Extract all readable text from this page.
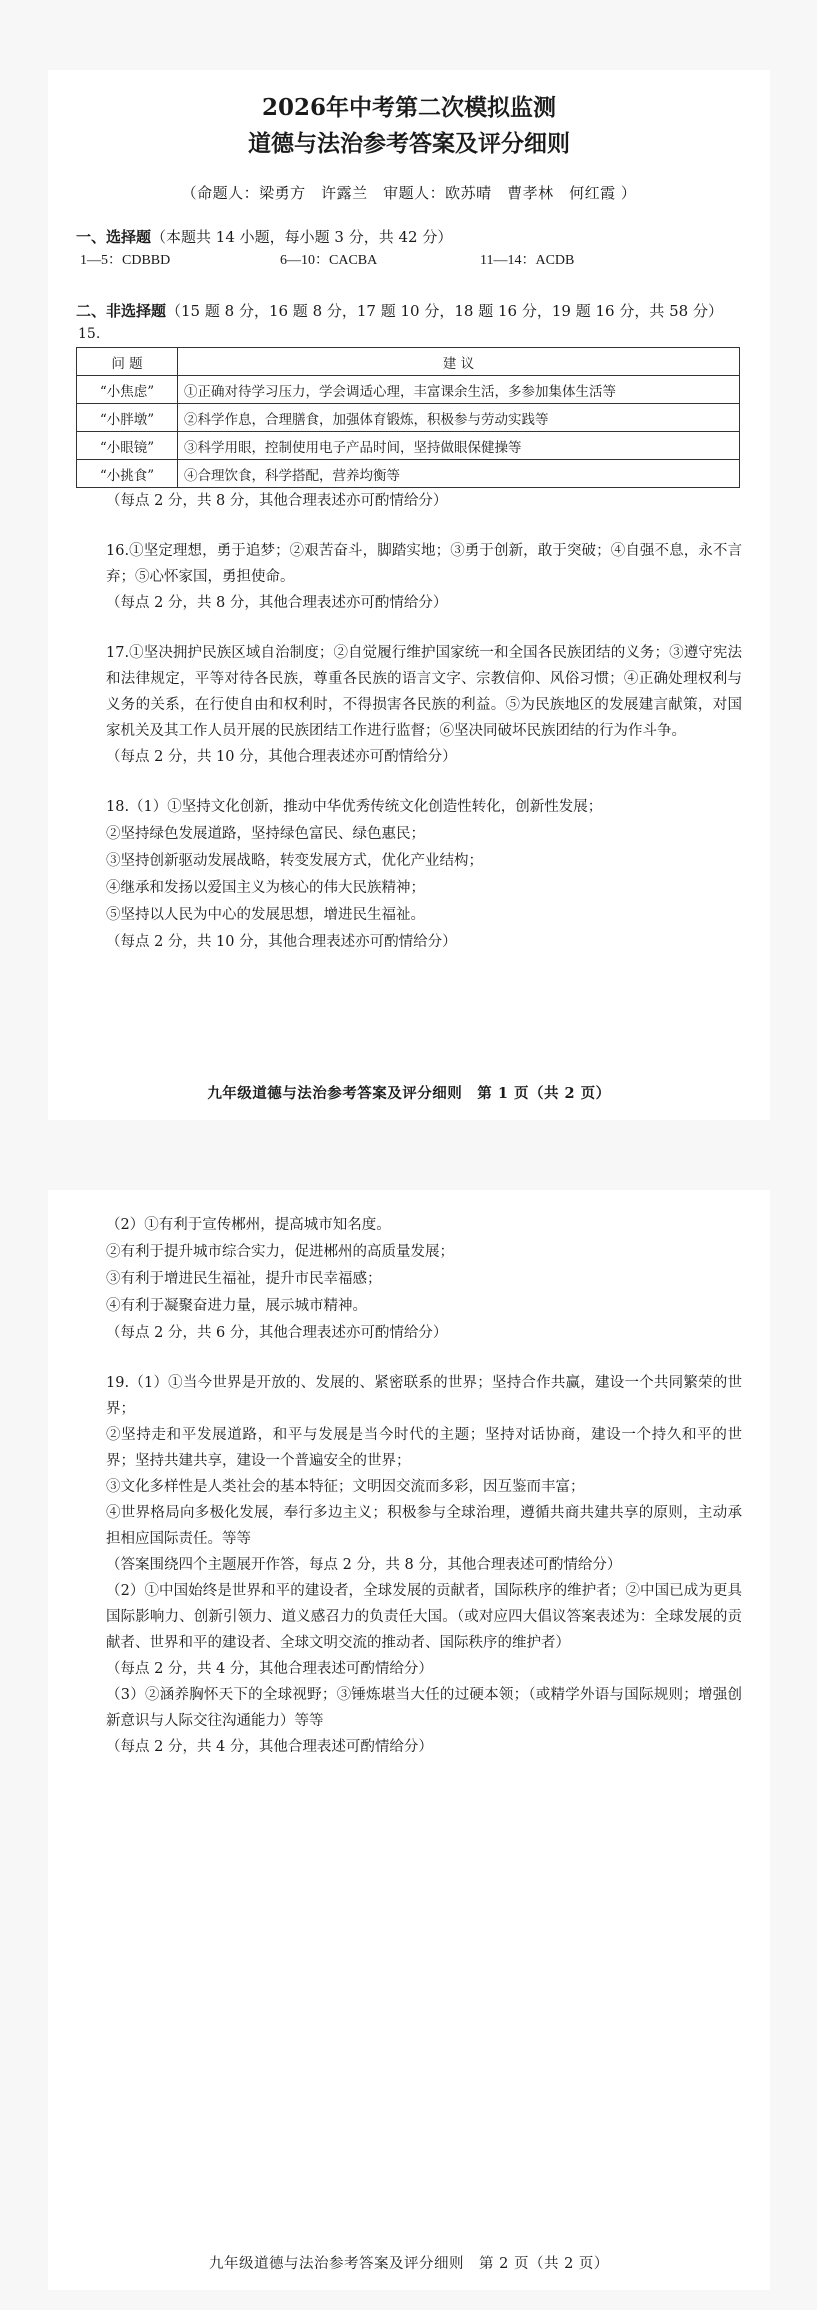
2026年中考第二次模拟监测
道德与法治参考答案及评分细则
（命题人：梁勇方　许露兰　审题人：欧苏晴　曹孝林　何红霞 ）
一、选择题（本题共 14 小题，每小题 3 分，共 42 分）
1—5：CDBBD	6—10：CACBA	11—14：ACDB
二、非选择题（15 题 8 分，16 题 8 分，17 题 10 分，18 题 16 分，19 题 16 分，共 58 分）
15.
问 题	建 议
“小焦虑”	①正确对待学习压力，学会调适心理，丰富课余生活，多参加集体生活等
“小胖墩”	②科学作息，合理膳食，加强体育锻炼，积极参与劳动实践等
“小眼镜”	③科学用眼，控制使用电子产品时间，坚持做眼保健操等
“小挑食”	④合理饮食，科学搭配，营养均衡等
（每点 2 分，共 8 分，其他合理表述亦可酌情给分）

16.①坚定理想，勇于追梦；②艰苦奋斗，脚踏实地；③勇于创新，敢于突破；④自强不息，永不言弃；⑤心怀家国，勇担使命。

（每点 2 分，共 8 分，其他合理表述亦可酌情给分）

17.①坚决拥护民族区域自治制度；②自觉履行维护国家统一和全国各民族团结的义务；③遵守宪法和法律规定，平等对待各民族，尊重各民族的语言文字、宗教信仰、风俗习惯；④正确处理权利与义务的关系，在行使自由和权利时，不得损害各民族的利益。⑤为民族地区的发展建言献策，对国家机关及其工作人员开展的民族团结工作进行监督；⑥坚决同破坏民族团结的行为作斗争。

（每点 2 分，共 10 分，其他合理表述亦可酌情给分）
18.（1）①坚持文化创新，推动中华优秀传统文化创造性转化，创新性发展；
②坚持绿色发展道路，坚持绿色富民、绿色惠民；
③坚持创新驱动发展战略，转变发展方式，优化产业结构；
④继承和发扬以爱国主义为核心的伟大民族精神；
⑤坚持以人民为中心的发展思想，增进民生福祉。
（每点 2 分，共 10 分，其他合理表述亦可酌情给分）
九年级道德与法治参考答案及评分细则　第 1 页（共 2 页）
（2）①有利于宣传郴州，提高城市知名度。
②有利于提升城市综合实力，促进郴州的高质量发展；
③有利于增进民生福祉，提升市民幸福感；
④有利于凝聚奋进力量，展示城市精神。
（每点 2 分，共 6 分，其他合理表述亦可酌情给分）

19.（1）①当今世界是开放的、发展的、紧密联系的世界；坚持合作共赢，建设一个共同繁荣的世界；

②坚持走和平发展道路，和平与发展是当今时代的主题；坚持对话协商，建设一个持久和平的世界；坚持共建共享，建设一个普遍安全的世界；

③文化多样性是人类社会的基本特征；文明因交流而多彩，因互鉴而丰富；

④世界格局向多极化发展，奉行多边主义；积极参与全球治理，遵循共商共建共享的原则，主动承担相应国际责任。等等

（答案围绕四个主题展开作答，每点 2 分，共 8 分，其他合理表述可酌情给分）

（2）①中国始终是世界和平的建设者，全球发展的贡献者，国际秩序的维护者；②中国已成为更具国际影响力、创新引领力、道义感召力的负责任大国。（或对应四大倡议答案表述为：全球发展的贡献者、世界和平的建设者、全球文明交流的推动者、国际秩序的维护者）

（每点 2 分，共 4 分，其他合理表述可酌情给分）

（3）②涵养胸怀天下的全球视野；③锤炼堪当大任的过硬本领；（或精学外语与国际规则；增强创新意识与人际交往沟通能力）等等

（每点 2 分，共 4 分，其他合理表述可酌情给分）
九年级道德与法治参考答案及评分细则　第 2 页（共 2 页）
